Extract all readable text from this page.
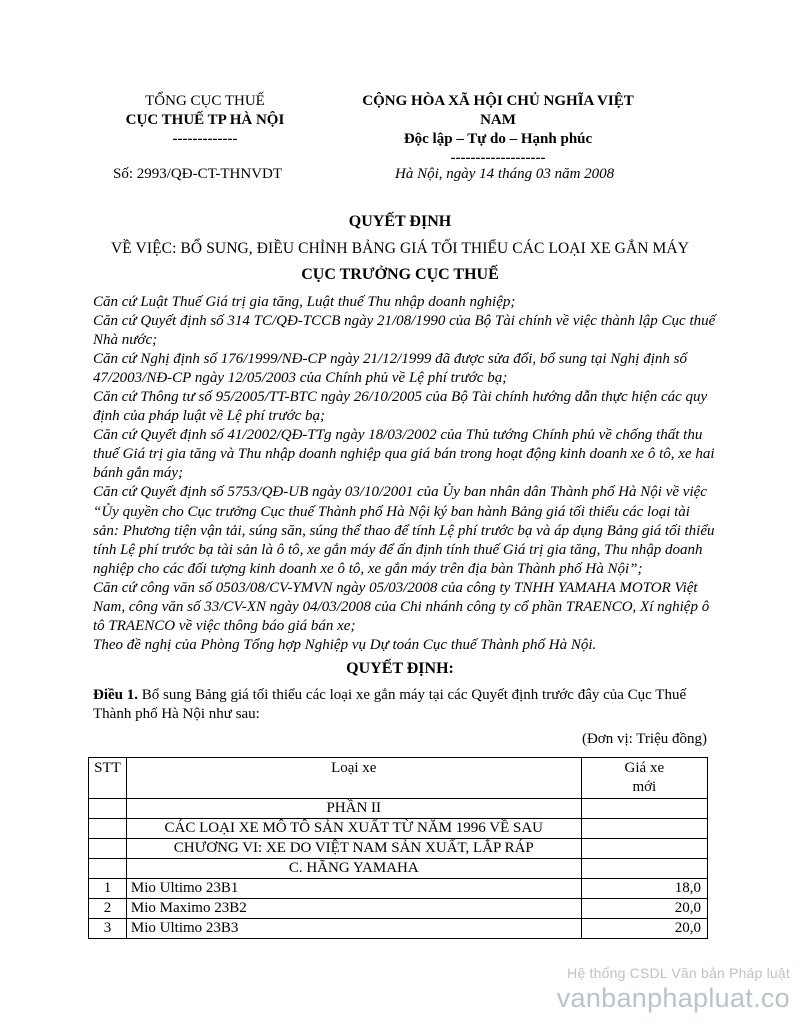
TỔNG CỤC THUẾ
CỤC THUẾ TP HÀ NỘI
-------------
CỘNG HÒA XÃ HỘI CHỦ NGHĨA VIỆT
NAM
Độc lập – Tự do – Hạnh phúc
-------------------
Số: 2993/QĐ-CT-THNVDT	Hà Nội, ngày 14 tháng 03 năm 2008
QUYẾT ĐỊNH
VỀ VIỆC: BỔ SUNG, ĐIỀU CHỈNH BẢNG GIÁ TỐI THIỂU CÁC LOẠI XE GẮN MÁY
CỤC TRƯỞNG CỤC THUẾ
Căn cứ Luật Thuế Giá trị gia tăng, Luật thuế Thu nhập doanh nghiệp;
Căn cứ Quyết định số 314 TC/QĐ-TCCB ngày 21/08/1990 của Bộ Tài chính về việc thành lập Cục thuế Nhà nước;
Căn cứ Nghị định số 176/1999/NĐ-CP ngày 21/12/1999 đã được sửa đổi, bổ sung tại Nghị định số 47/2003/NĐ-CP ngày 12/05/2003 của Chính phủ về Lệ phí trước bạ;
Căn cứ Thông tư số 95/2005/TT-BTC ngày 26/10/2005 của Bộ Tài chính hướng dẫn thực hiện các quy định của pháp luật về Lệ phí trước bạ;
Căn cứ Quyết định số 41/2002/QĐ-TTg ngày 18/03/2002 của Thủ tướng Chính phủ về chống thất thu thuế Giá trị gia tăng và Thu nhập doanh nghiệp qua giá bán trong hoạt động kinh doanh xe ô tô, xe hai bánh gắn máy;
Căn cứ Quyết định số 5753/QĐ-UB ngày 03/10/2001 của Ủy ban nhân dân Thành phố Hà Nội về việc “Ủy quyền cho Cục trưởng Cục thuế Thành phố Hà Nội ký ban hành Bảng giá tối thiểu các loại tài sản: Phương tiện vận tải, súng săn, súng thể thao để tính Lệ phí trước bạ và áp dụng Bảng giá tối thiểu tính Lệ phí trước bạ tài sản là ô tô, xe gắn máy để ấn định tính thuế Giá trị gia tăng, Thu nhập doanh nghiệp cho các đối tượng kinh doanh xe ô tô, xe gắn máy trên địa bàn Thành phố Hà Nội”;
Căn cứ công văn số 0503/08/CV-YMVN ngày 05/03/2008 của công ty TNHH YAMAHA MOTOR Việt Nam, công văn số 33/CV-XN ngày 04/03/2008 của Chi nhánh công ty cổ phần TRAENCO, Xí nghiệp ô tô TRAENCO về việc thông báo giá bán xe;
Theo đề nghị của Phòng Tổng hợp Nghiệp vụ Dự toán Cục thuế Thành phố Hà Nội.
QUYẾT ĐỊNH:
Điều 1. Bổ sung Bảng giá tối thiểu các loại xe gắn máy tại các Quyết định trước đây của Cục Thuế Thành phố Hà Nội như sau:
(Đơn vị: Triệu đồng)
STT	Loại xe	Giá xe
mới

	PHẦN II	
	CÁC LOẠI XE MÔ TÔ SẢN XUẤT TỪ NĂM 1996 VỀ SAU	
	CHƯƠNG VI: XE DO VIỆT NAM SẢN XUẤT, LẮP RÁP	
	C. HÃNG YAMAHA	
1	Mio Ultimo 23B1	18,0
2	Mio Maximo 23B2	20,0
3	Mio Ultimo 23B3	20,0
Hệ thống CSDL Văn bản Pháp luật
vanbanphapluat.co
